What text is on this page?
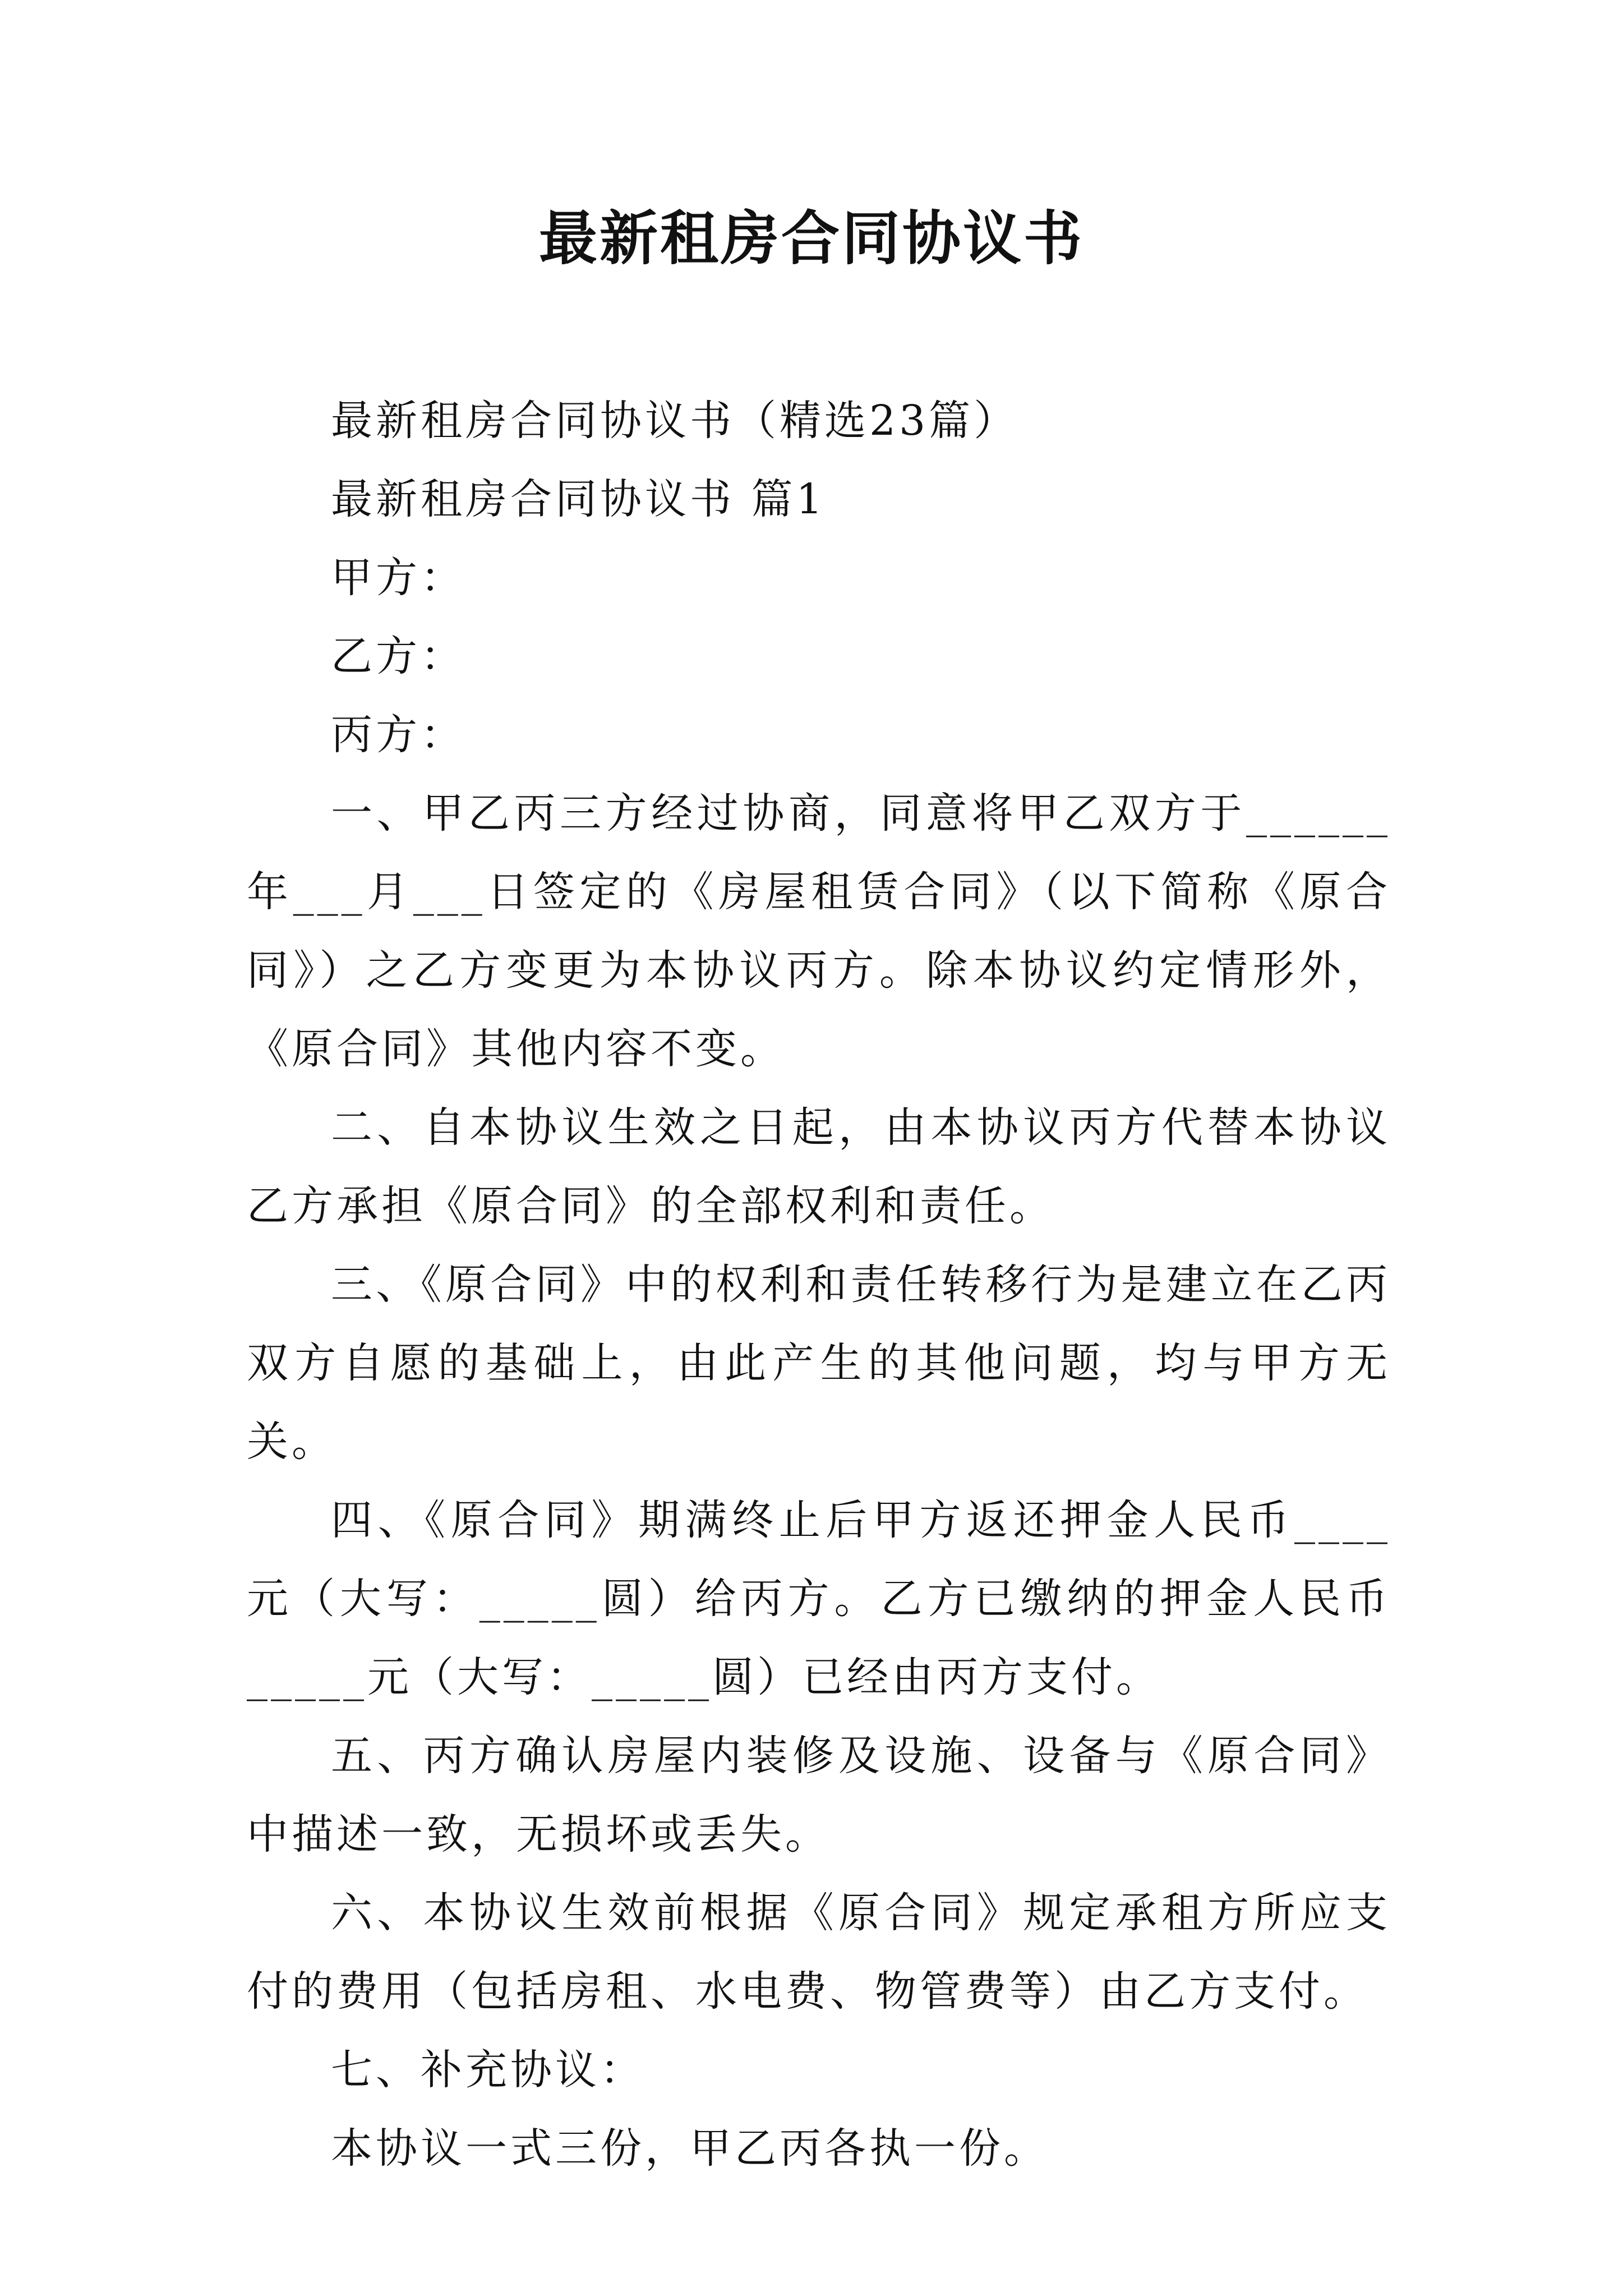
最新租房合同协议书

最新租房合同协议书（精选23篇）

最新租房合同协议书 篇1

甲方：

乙方：

丙方：

一、甲乙丙三方经过协商，同意将甲乙双方于______年___月___日签定的《房屋租赁合同》（以下简称《原合同》）之乙方变更为本协议丙方。除本协议约定情形外，《原合同》其他内容不变。

二、自本协议生效之日起，由本协议丙方代替本协议乙方承担《原合同》的全部权利和责任。

三、《原合同》中的权利和责任转移行为是建立在乙丙双方自愿的基础上，由此产生的其他问题，均与甲方无关。

四、《原合同》期满终止后甲方返还押金人民币____元（大写：_____圆）给丙方。乙方已缴纳的押金人民币_____元（大写：_____圆）已经由丙方支付。

五、丙方确认房屋内装修及设施、设备与《原合同》中描述一致，无损坏或丢失。

六、本协议生效前根据《原合同》规定承租方所应支付的费用（包括房租、水电费、物管费等）由乙方支付。

七、补充协议：

本协议一式三份，甲乙丙各执一份。
